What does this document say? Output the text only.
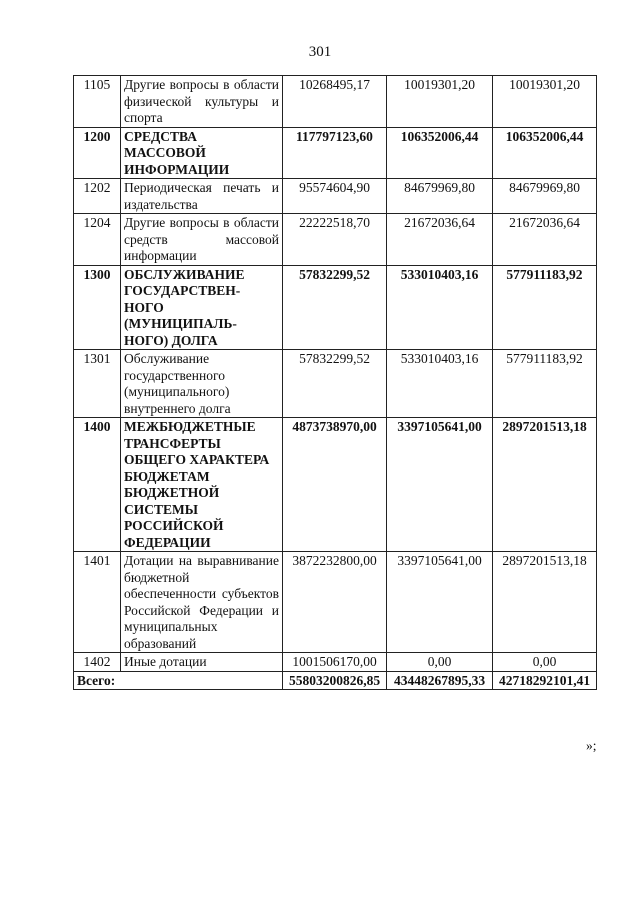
301
1105	Другие вопросы в области физической культуры и спорта	10268495,17	10019301,20	10019301,20
1200	СРЕДСТВА МАССОВОЙ ИНФОРМАЦИИ	117797123,60	106352006,44	106352006,44
1202	Периодическая печать и издательства	95574604,90	84679969,80	84679969,80
1204	Другие вопросы в области средств массовой информации	22222518,70	21672036,64	21672036,64
1300	ОБСЛУЖИВАНИЕ ГОСУДАРСТВЕН-НОГО (МУНИЦИПАЛЬ-НОГО) ДОЛГА	57832299,52	533010403,16	577911183,92
1301	Обслуживание государственного (муниципального) внутреннего долга	57832299,52	533010403,16	577911183,92
1400	МЕЖБЮДЖЕТНЫЕ ТРАНСФЕРТЫ ОБЩЕГО ХАРАКТЕРА БЮДЖЕТАМ БЮДЖЕТНОЙ СИСТЕМЫ РОССИЙСКОЙ ФЕДЕРАЦИИ	4873738970,00	3397105641,00	2897201513,18
1401	Дотации на выравнивание бюджетной обеспеченности субъектов Российской Федерации и муниципальных образований	3872232800,00	3397105641,00	2897201513,18
1402	Иные дотации	1001506170,00	0,00	0,00
Всего:		55803200826,85	43448267895,33	42718292101,41
»;
